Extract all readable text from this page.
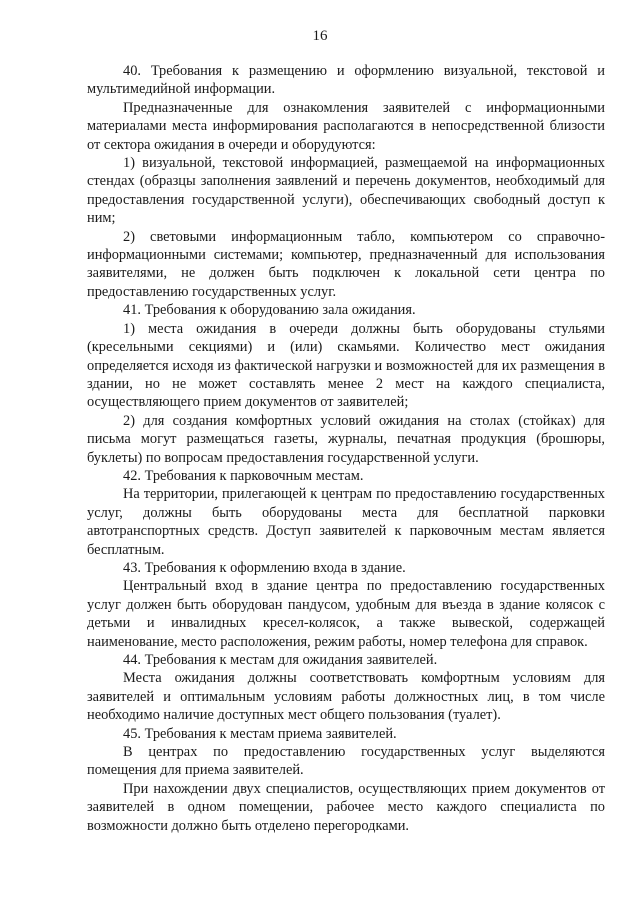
16

40. Требования к размещению и оформлению визуальной, текстовой и мультимедийной информации.

Предназначенные для ознакомления заявителей с информационными материалами места информирования располагаются в непосредственной близости от сектора ожидания в очереди и оборудуются:

1) визуальной, текстовой информацией, размещаемой на информационных стендах (образцы заполнения заявлений и перечень документов, необходимый для предоставления государственной услуги), обеспечивающих свободный доступ к ним;

2) световыми информационным табло, компьютером со справочно-информационными системами; компьютер, предназначенный для использования заявителями, не должен быть подключен к локальной сети центра по предоставлению государственных услуг.

41. Требования к оборудованию зала ожидания.

1) места ожидания в очереди должны быть оборудованы стульями (кресельными секциями) и (или) скамьями. Количество мест ожидания определяется исходя из фактической нагрузки и возможностей для их размещения в здании, но не может составлять менее 2 мест на каждого специалиста, осуществляющего прием документов от заявителей;

2) для создания комфортных условий ожидания на столах (стойках) для письма могут размещаться газеты, журналы, печатная продукция (брошюры, буклеты) по вопросам предоставления государственной услуги.

42. Требования к парковочным местам.

На территории, прилегающей к центрам по предоставлению государственных услуг, должны быть оборудованы места для бесплатной парковки автотранспортных средств. Доступ заявителей к парковочным местам является бесплатным.

43. Требования к оформлению входа в здание.

Центральный вход в здание центра по предоставлению государственных услуг должен быть оборудован пандусом, удобным для въезда в здание колясок с детьми и инвалидных кресел-колясок, а также вывеской, содержащей наименование, место расположения, режим работы, номер телефона для справок.

44. Требования к местам для ожидания заявителей.

Места ожидания должны соответствовать комфортным условиям для заявителей и оптимальным условиям работы должностных лиц, в том числе необходимо наличие доступных мест общего пользования (туалет).

45. Требования к местам приема заявителей.

В центрах по предоставлению государственных услуг выделяются помещения для приема заявителей.

При нахождении двух специалистов, осуществляющих прием документов от заявителей в одном помещении, рабочее место каждого специалиста по возможности должно быть отделено перегородками.
